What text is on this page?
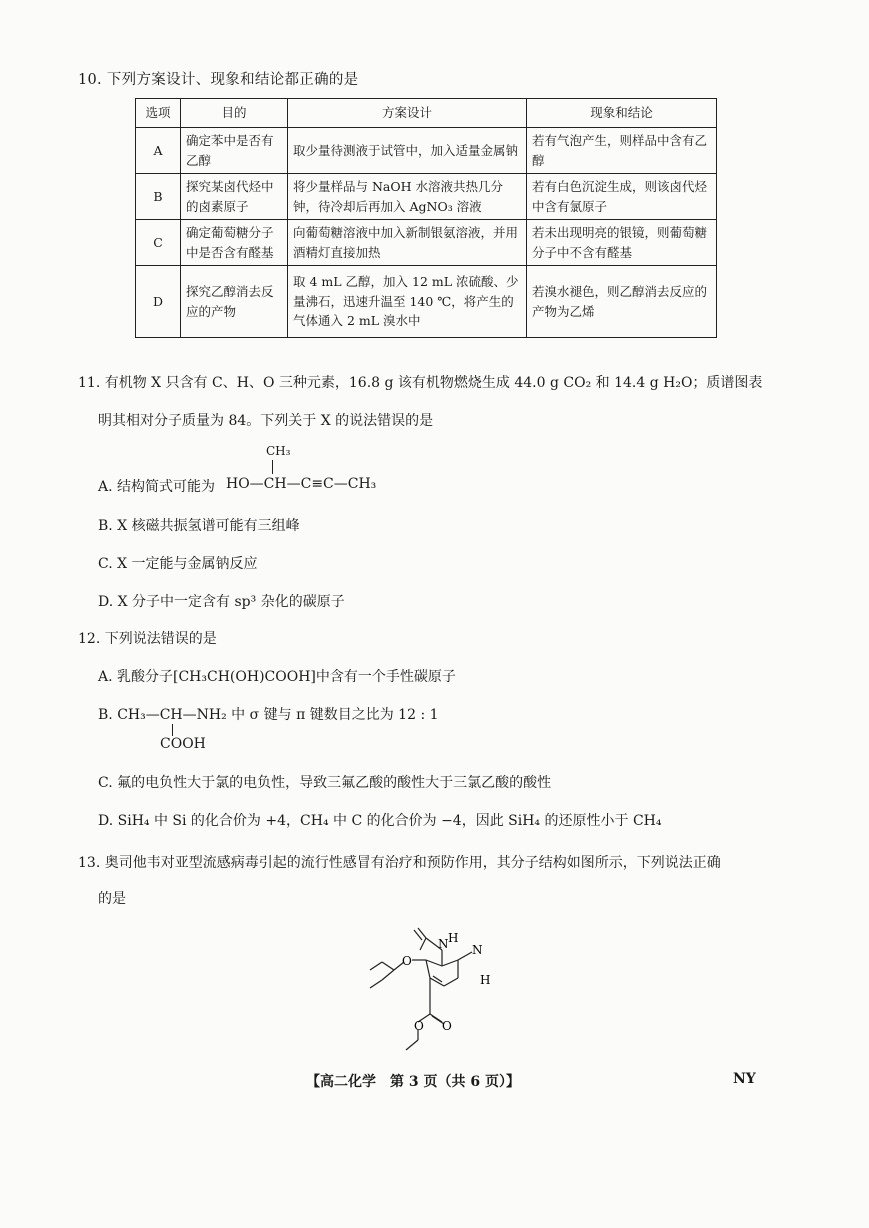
10. 下列方案设计、现象和结论都正确的是
选项	目的	方案设计	现象和结论
A	确定苯中是否有乙醇	取少量待测液于试管中，加入适量金属钠	若有气泡产生，则样品中含有乙醇
B	探究某卤代烃中的卤素原子	将少量样品与 NaOH 水溶液共热几分钟，待冷却后再加入 AgNO₃ 溶液	若有白色沉淀生成，则该卤代烃中含有氯原子
C	确定葡萄糖分子中是否含有醛基	向葡萄糖溶液中加入新制银氨溶液，并用酒精灯直接加热	若未出现明亮的银镜，则葡萄糖分子中不含有醛基
D	探究乙醇消去反应的产物	取 4 mL 乙醇，加入 12 mL 浓硫酸、少量沸石，迅速升温至 140 ℃，将产生的气体通入 2 mL 溴水中	若溴水褪色，则乙醇消去反应的产物为乙烯
11. 有机物 X 只含有 C、H、O 三种元素，16.8 g 该有机物燃烧生成 44.0 g CO₂ 和 14.4 g H₂O；质谱图表
明其相对分子质量为 84。下列关于 X 的说法错误的是
CH₃
A. 结构简式可能为 HO—CH—C≡C—CH₃
B. X 核磁共振氢谱可能有三组峰
C. X 一定能与金属钠反应
D. X 分子中一定含有 sp³ 杂化的碳原子
12. 下列说法错误的是
A. 乳酸分子[CH₃CH(OH)COOH]中含有一个手性碳原子
B. CH₃—CH—NH₂ 中 σ 键与 π 键数目之比为 12 : 1
COOH
C. 氟的电负性大于氯的电负性，导致三氟乙酸的酸性大于三氯乙酸的酸性
D. SiH₄ 中 Si 的化合价为 +4，CH₄ 中 C 的化合价为 −4，因此 SiH₄ 的还原性小于 CH₄
13. 奥司他韦对亚型流感病毒引起的流行性感冒有治疗和预防作用，其分子结构如图所示，下列说法正确
的是
O
N H
N
H
O
O
【高二化学　第 3 页（共 6 页）】	NY
